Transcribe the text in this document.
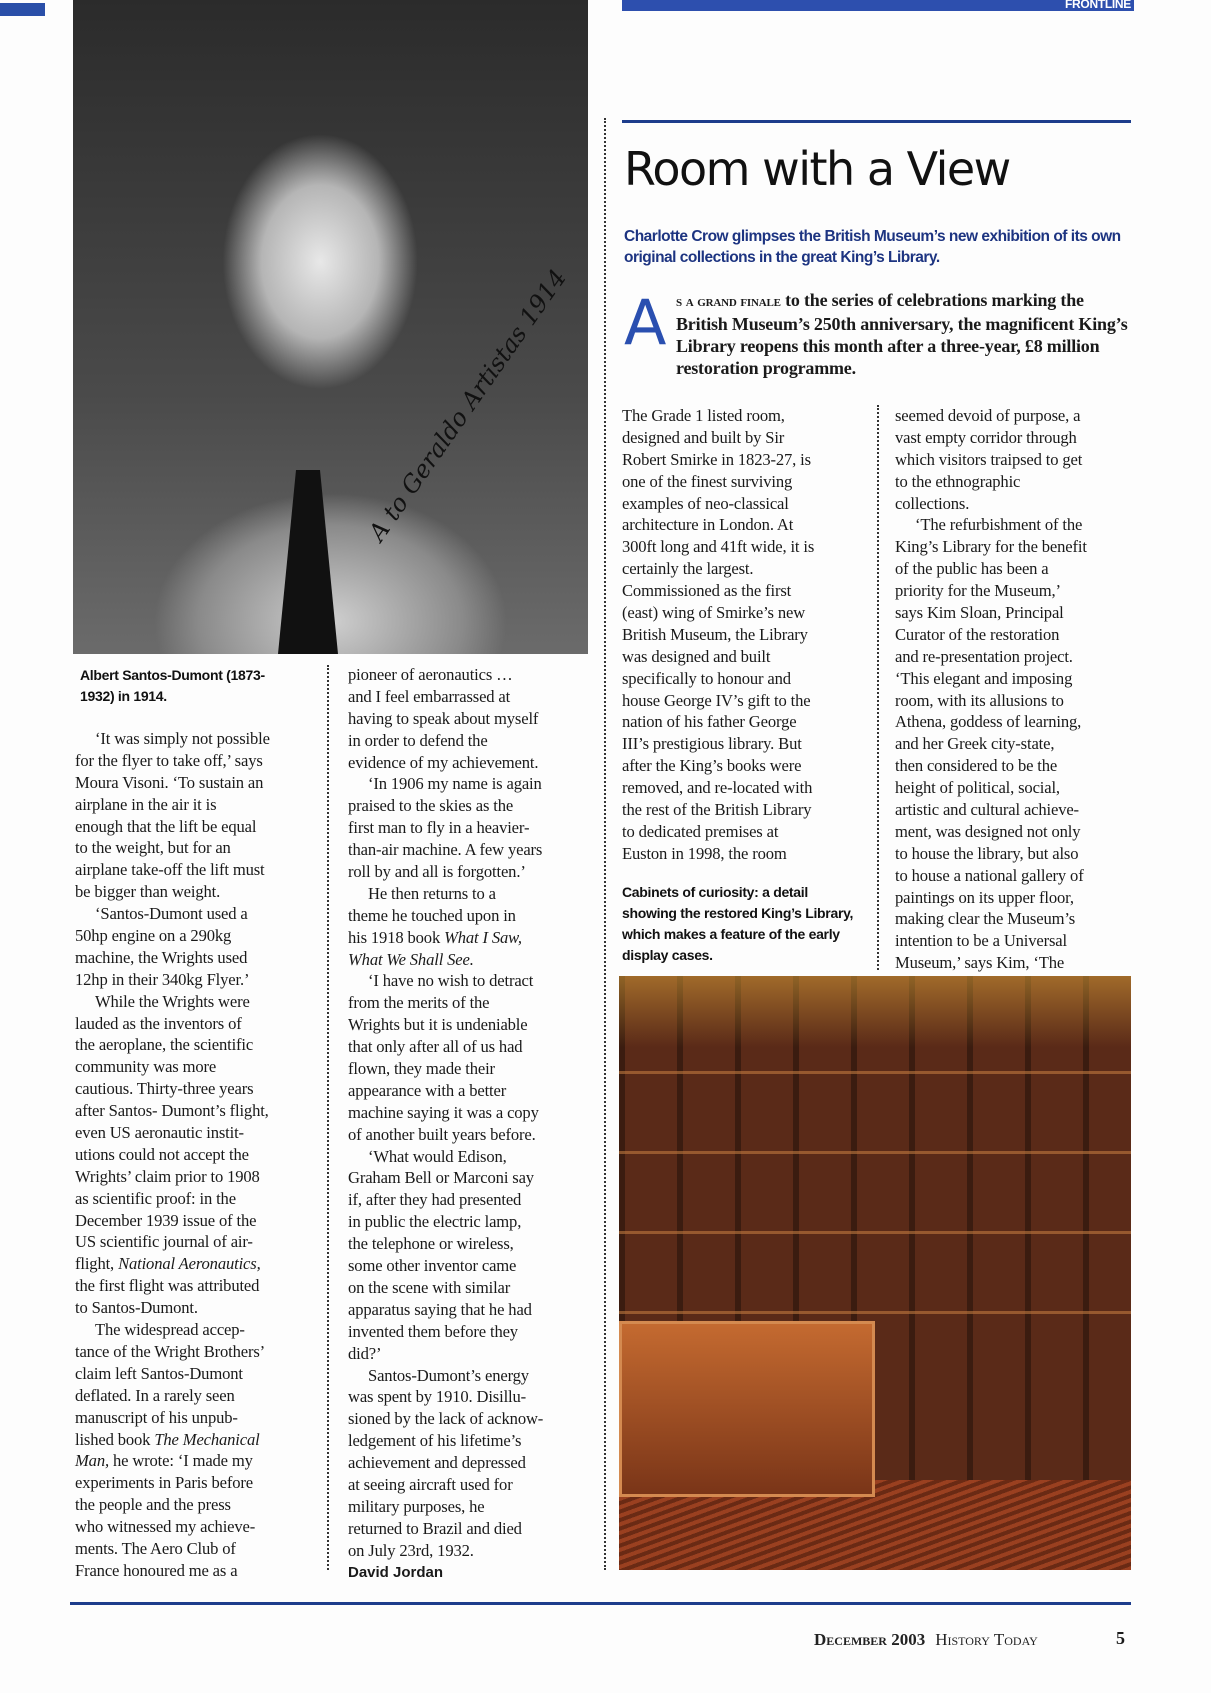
FRONTLINE
A to Geraldo Artistas 1914
Albert Santos-Dumont (1873-1932) in 1914.
‘It was simply not possible
for the flyer to take off,’ says
Moura Visoni. ‘To sustain an
airplane in the air it is
enough that the lift be equal
to the weight, but for an
airplane take-off the lift must
be bigger than weight.
‘Santos-Dumont used a
50hp engine on a 290kg
machine, the Wrights used
12hp in their 340kg Flyer.’
While the Wrights were
lauded as the inventors of
the aeroplane, the scientific
community was more
cautious. Thirty-three years
after Santos- Dumont’s flight,
even US aeronautic instit-
utions could not accept the
Wrights’ claim prior to 1908
as scientific proof: in the
December 1939 issue of the
US scientific journal of air-
flight, National Aeronautics,
the first flight was attributed
to Santos-Dumont.
The widespread accep-
tance of the Wright Brothers’
claim left Santos-Dumont
deflated. In a rarely seen
manuscript of his unpub-
lished book The Mechanical
Man, he wrote: ‘I made my
experiments in Paris before
the people and the press
who witnessed my achieve-
ments. The Aero Club of
France honoured me as a
pioneer of aeronautics …
and I feel embarrassed at
having to speak about myself
in order to defend the
evidence of my achievement.
‘In 1906 my name is again
praised to the skies as the
first man to fly in a heavier-
than-air machine. A few years
roll by and all is forgotten.’
He then returns to a
theme he touched upon in
his 1918 book What I Saw,
What We Shall See.
‘I have no wish to detract
from the merits of the
Wrights but it is undeniable
that only after all of us had
flown, they made their
appearance with a better
machine saying it was a copy
of another built years before.
‘What would Edison,
Graham Bell or Marconi say
if, after they had presented
in public the electric lamp,
the telephone or wireless,
some other inventor came
on the scene with similar
apparatus saying that he had
invented them before they
did?’
Santos-Dumont’s energy
was spent by 1910. Disillu-
sioned by the lack of acknow-
ledgement of his lifetime’s
achievement and depressed
at seeing aircraft used for
military purposes, he
returned to Brazil and died
on July 23rd, 1932.
David Jordan
Room with a View
Charlotte Crow glimpses the British Museum’s new exhibition of its own original collections in the great King’s Library.
A s a grand finale to the series of celebrations marking the British Museum’s 250th anniversary, the magnificent King’s Library reopens this month after a three-year, £8 million restoration programme.
The Grade 1 listed room,
designed and built by Sir
Robert Smirke in 1823-27, is
one of the finest surviving
examples of neo-classical
architecture in London. At
300ft long and 41ft wide, it is
certainly the largest.
Commissioned as the first
(east) wing of Smirke’s new
British Museum, the Library
was designed and built
specifically to honour and
house George IV’s gift to the
nation of his father George
III’s prestigious library. But
after the King’s books were
removed, and re-located with
the rest of the British Library
to dedicated premises at
Euston in 1998, the room
seemed devoid of purpose, a
vast empty corridor through
which visitors traipsed to get
to the ethnographic
collections.
‘The refurbishment of the
King’s Library for the benefit
of the public has been a
priority for the Museum,’
says Kim Sloan, Principal
Curator of the restoration
and re-presentation project.
‘This elegant and imposing
room, with its allusions to
Athena, goddess of learning,
and her Greek city-state,
then considered to be the
height of political, social,
artistic and cultural achieve-
ment, was designed not only
to house the library, but also
to house a national gallery of
paintings on its upper floor,
making clear the Museum’s
intention to be a Universal
Museum,’ says Kim, ‘The
Cabinets of curiosity: a detail showing the restored King’s Library, which makes a feature of the early display cases.
December 2003 History Today	5
